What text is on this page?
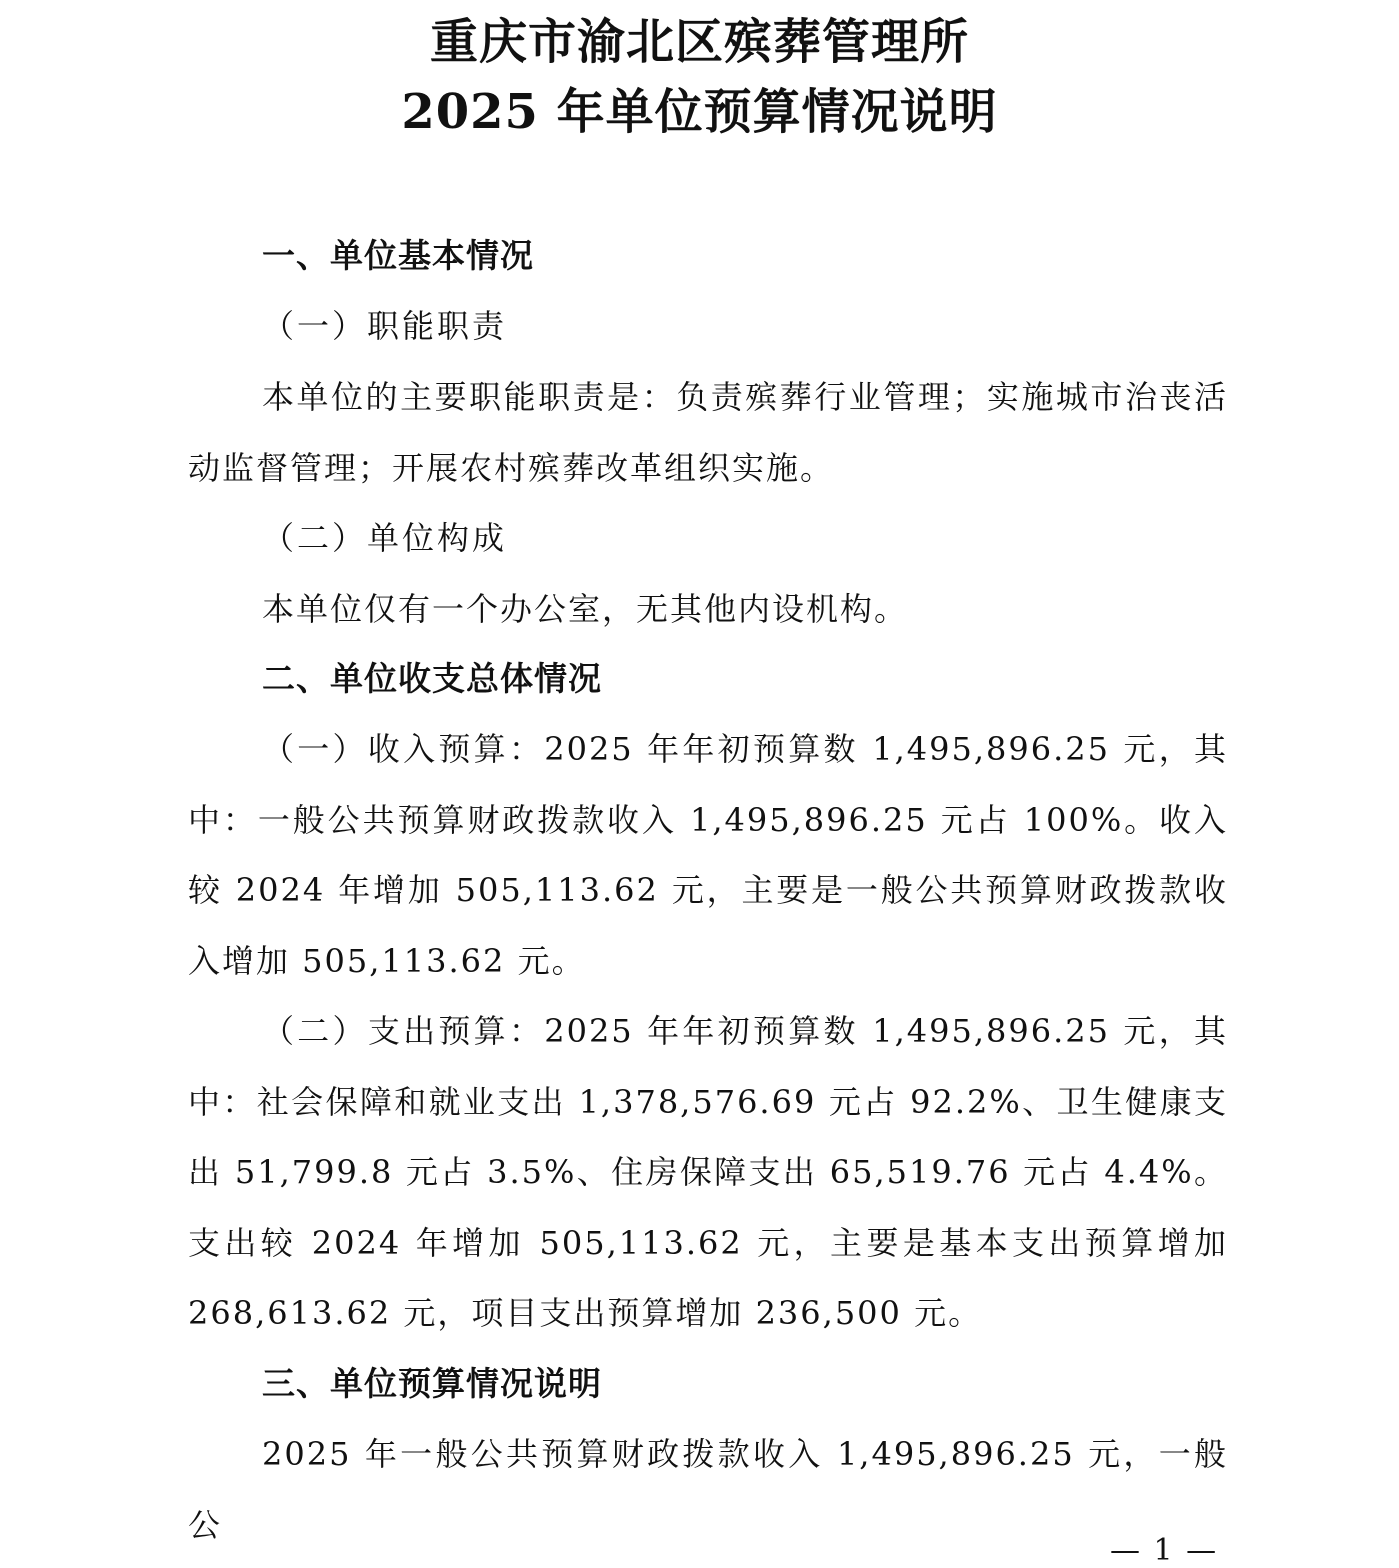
重庆市渝北区殡葬管理所
2025 年单位预算情况说明
一、单位基本情况
（一）职能职责

本单位的主要职能职责是：负责殡葬行业管理；实施城市治丧活动监督管理；开展农村殡葬改革组织实施。

（二）单位构成

本单位仅有一个办公室，无其他内设机构。

二、单位收支总体情况

（一）收入预算：2025 年年初预算数 1,495,896.25 元，其中：一般公共预算财政拨款收入 1,495,896.25 元占 100%。收入较 2024 年增加 505,113.62 元，主要是一般公共预算财政拨款收入增加 505,113.62 元。

（二）支出预算：2025 年年初预算数 1,495,896.25 元，其中：社会保障和就业支出 1,378,576.69 元占 92.2%、卫生健康支出 51,799.8 元占 3.5%、住房保障支出 65,519.76 元占 4.4%。支出较 2024 年增加 505,113.62 元，主要是基本支出预算增加 268,613.62 元，项目支出预算增加 236,500 元。

三、单位预算情况说明

2025 年一般公共预算财政拨款收入 1,495,896.25 元，一般公

— 1 —
